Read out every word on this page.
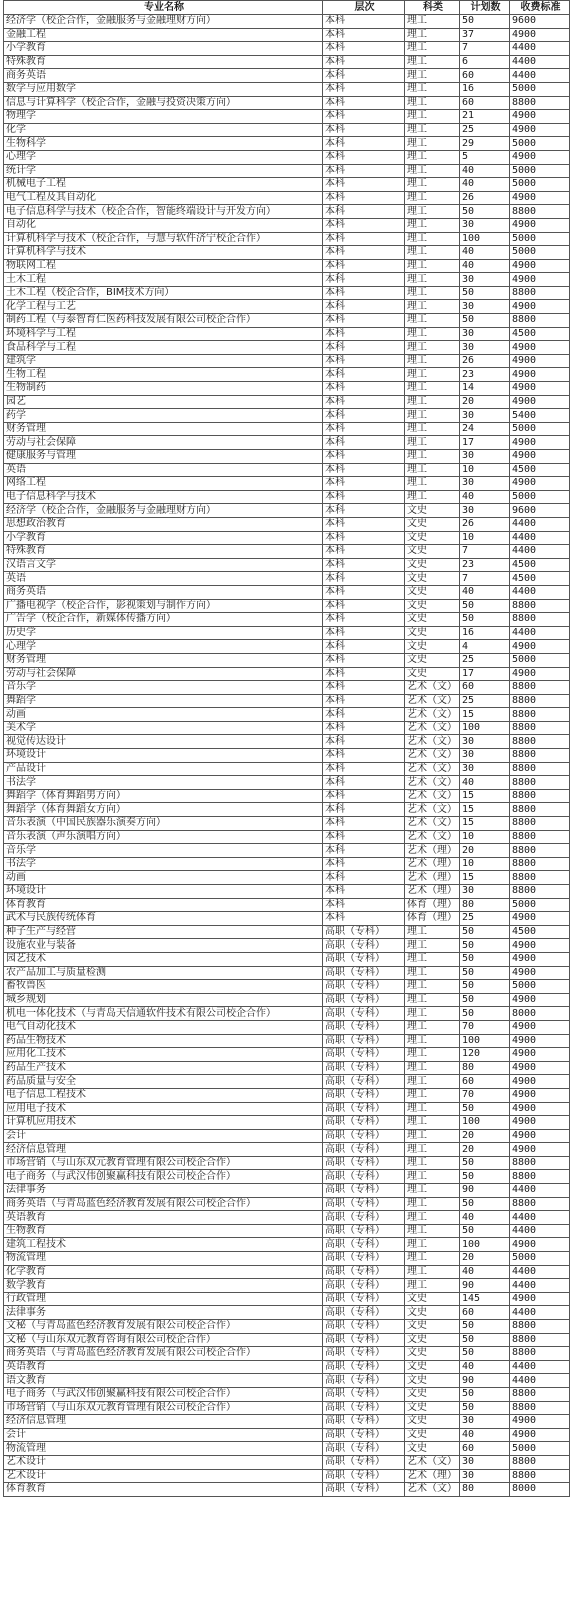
专业名称	层次	科类	计划数	收费标准
经济学（校企合作，金融服务与金融理财方向）	本科	理工	50	9600
金融工程	本科	理工	37	4900
小学教育	本科	理工	7	4400
特殊教育	本科	理工	6	4400
商务英语	本科	理工	60	4400
数学与应用数学	本科	理工	16	5000
信息与计算科学（校企合作，金融与投资决策方向）	本科	理工	60	8800
物理学	本科	理工	21	4900
化学	本科	理工	25	4900
生物科学	本科	理工	29	5000
心理学	本科	理工	5	4900
统计学	本科	理工	40	5000
机械电子工程	本科	理工	40	5000
电气工程及其自动化	本科	理工	26	4900
电子信息科学与技术（校企合作，智能终端设计与开发方向）	本科	理工	50	8800
自动化	本科	理工	30	4900
计算机科学与技术（校企合作，与慧与软件济宁校企合作）	本科	理工	100	5000
计算机科学与技术	本科	理工	40	5000
物联网工程	本科	理工	40	4900
土木工程	本科	理工	30	4900
土木工程（校企合作，BIM技术方向）	本科	理工	50	8800
化学工程与工艺	本科	理工	30	4900
制药工程（与泰智育仁医药科技发展有限公司校企合作）	本科	理工	50	8800
环境科学与工程	本科	理工	30	4500
食品科学与工程	本科	理工	30	4900
建筑学	本科	理工	26	4900
生物工程	本科	理工	23	4900
生物制药	本科	理工	14	4900
园艺	本科	理工	20	4900
药学	本科	理工	30	5400
财务管理	本科	理工	24	5000
劳动与社会保障	本科	理工	17	4900
健康服务与管理	本科	理工	30	4900
英语	本科	理工	10	4500
网络工程	本科	理工	30	4900
电子信息科学与技术	本科	理工	40	5000
经济学（校企合作，金融服务与金融理财方向）	本科	文史	30	9600
思想政治教育	本科	文史	26	4400
小学教育	本科	文史	10	4400
特殊教育	本科	文史	7	4400
汉语言文学	本科	文史	23	4500
英语	本科	文史	7	4500
商务英语	本科	文史	40	4400
广播电视学（校企合作，影视策划与制作方向）	本科	文史	50	8800
广告学（校企合作，新媒体传播方向）	本科	文史	50	8800
历史学	本科	文史	16	4400
心理学	本科	文史	4	4900
财务管理	本科	文史	25	5000
劳动与社会保障	本科	文史	17	4900
音乐学	本科	艺术（文）	60	8800
舞蹈学	本科	艺术（文）	25	8800
动画	本科	艺术（文）	15	8800
美术学	本科	艺术（文）	100	8800
视觉传达设计	本科	艺术（文）	30	8800
环境设计	本科	艺术（文）	30	8800
产品设计	本科	艺术（文）	30	8800
书法学	本科	艺术（文）	40	8800
舞蹈学（体育舞蹈男方向）	本科	艺术（文）	15	8800
舞蹈学（体育舞蹈女方向）	本科	艺术（文）	15	8800
音乐表演（中国民族器乐演奏方向）	本科	艺术（文）	15	8800
音乐表演（声乐演唱方向）	本科	艺术（文）	10	8800
音乐学	本科	艺术（理）	20	8800
书法学	本科	艺术（理）	10	8800
动画	本科	艺术（理）	15	8800
环境设计	本科	艺术（理）	30	8800
体育教育	本科	体育（理）	80	5000
武术与民族传统体育	本科	体育（理）	25	4900
种子生产与经营	高职（专科）	理工	50	4500
设施农业与装备	高职（专科）	理工	50	4900
园艺技术	高职（专科）	理工	50	4900
农产品加工与质量检测	高职（专科）	理工	50	4900
畜牧兽医	高职（专科）	理工	50	5000
城乡规划	高职（专科）	理工	50	4900
机电一体化技术（与青岛天信通软件技术有限公司校企合作）	高职（专科）	理工	50	8000
电气自动化技术	高职（专科）	理工	70	4900
药品生物技术	高职（专科）	理工	100	4900
应用化工技术	高职（专科）	理工	120	4900
药品生产技术	高职（专科）	理工	80	4900
药品质量与安全	高职（专科）	理工	60	4900
电子信息工程技术	高职（专科）	理工	70	4900
应用电子技术	高职（专科）	理工	50	4900
计算机应用技术	高职（专科）	理工	100	4900
会计	高职（专科）	理工	20	4900
经济信息管理	高职（专科）	理工	20	4900
市场营销（与山东双元教育管理有限公司校企合作）	高职（专科）	理工	50	8800
电子商务（与武汉伟创聚赢科技有限公司校企合作）	高职（专科）	理工	50	8800
法律事务	高职（专科）	理工	90	4400
商务英语（与青岛蓝色经济教育发展有限公司校企合作）	高职（专科）	理工	50	8800
英语教育	高职（专科）	理工	40	4400
生物教育	高职（专科）	理工	50	4400
建筑工程技术	高职（专科）	理工	100	4900
物流管理	高职（专科）	理工	20	5000
化学教育	高职（专科）	理工	40	4400
数学教育	高职（专科）	理工	90	4400
行政管理	高职（专科）	文史	145	4900
法律事务	高职（专科）	文史	60	4400
文秘（与青岛蓝色经济教育发展有限公司校企合作）	高职（专科）	文史	50	8800
文秘（与山东双元教育咨询有限公司校企合作）	高职（专科）	文史	50	8800
商务英语（与青岛蓝色经济教育发展有限公司校企合作）	高职（专科）	文史	50	8800
英语教育	高职（专科）	文史	40	4400
语文教育	高职（专科）	文史	90	4400
电子商务（与武汉伟创聚赢科技有限公司校企合作）	高职（专科）	文史	50	8800
市场营销（与山东双元教育管理有限公司校企合作）	高职（专科）	文史	50	8800
经济信息管理	高职（专科）	文史	30	4900
会计	高职（专科）	文史	40	4900
物流管理	高职（专科）	文史	60	5000
艺术设计	高职（专科）	艺术（文）	30	8800
艺术设计	高职（专科）	艺术（理）	30	8800
体育教育	高职（专科）	艺术（文）	80	8000
